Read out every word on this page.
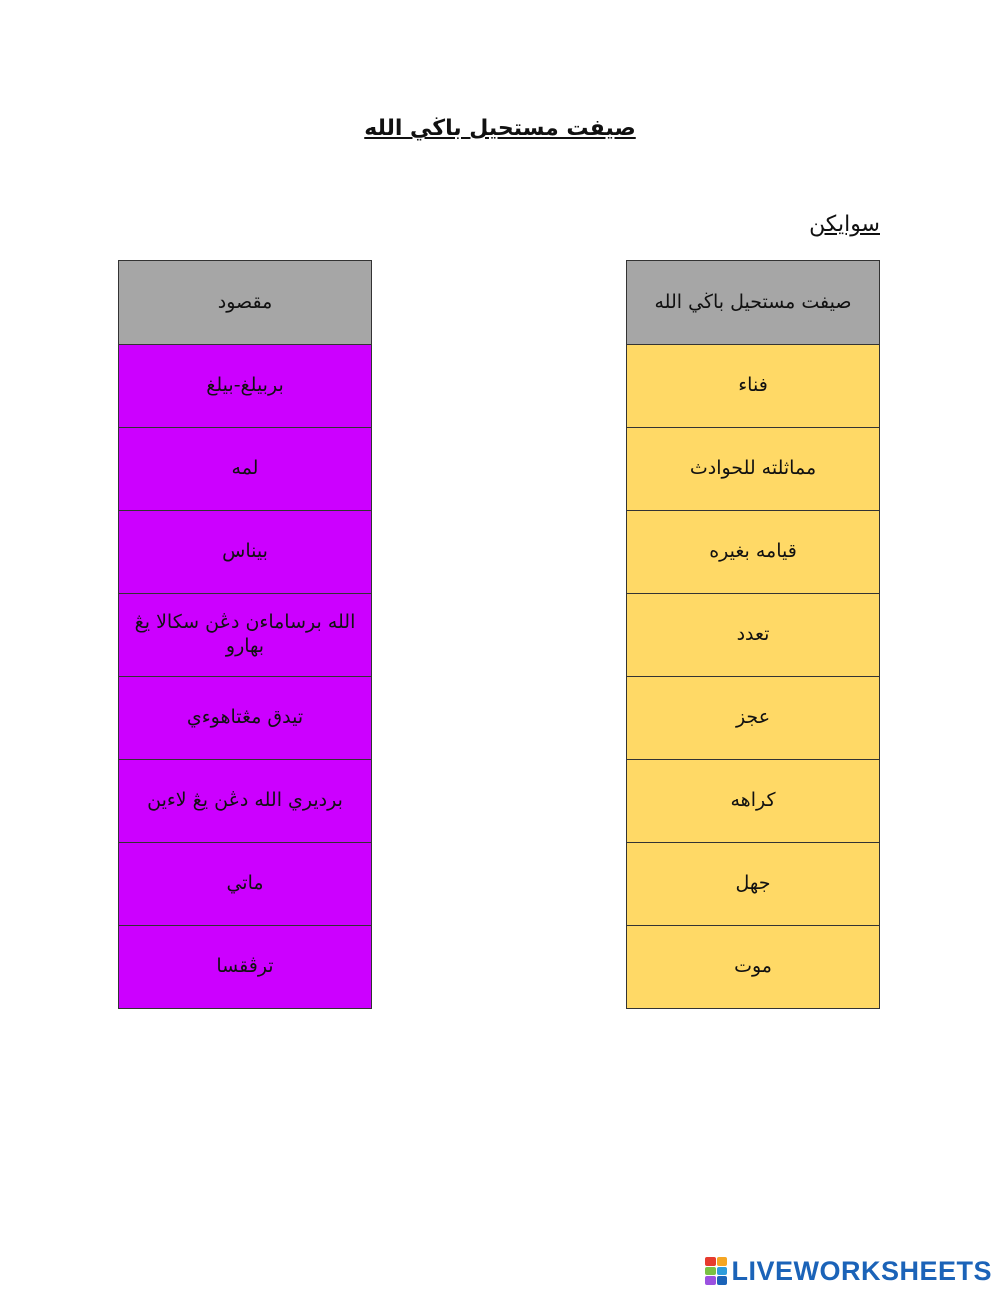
صيفت مستحيل باڬي الله
سوايكن
مقصود
بربيلغ-بيلغ
لمه
بيناس
الله برساماءن دڠن سکالا يڠ بهارو
تيدق مڠتاهوءي
برديري الله دڠن يڠ لاءين
ماتي
ترڤقسا
صيفت مستحيل باڬي الله
فناء
مماثلته للحوادث
قيامه بغيره
تعدد
عجز
كراهه
جهل
موت
LIVEWORKSHEETS
